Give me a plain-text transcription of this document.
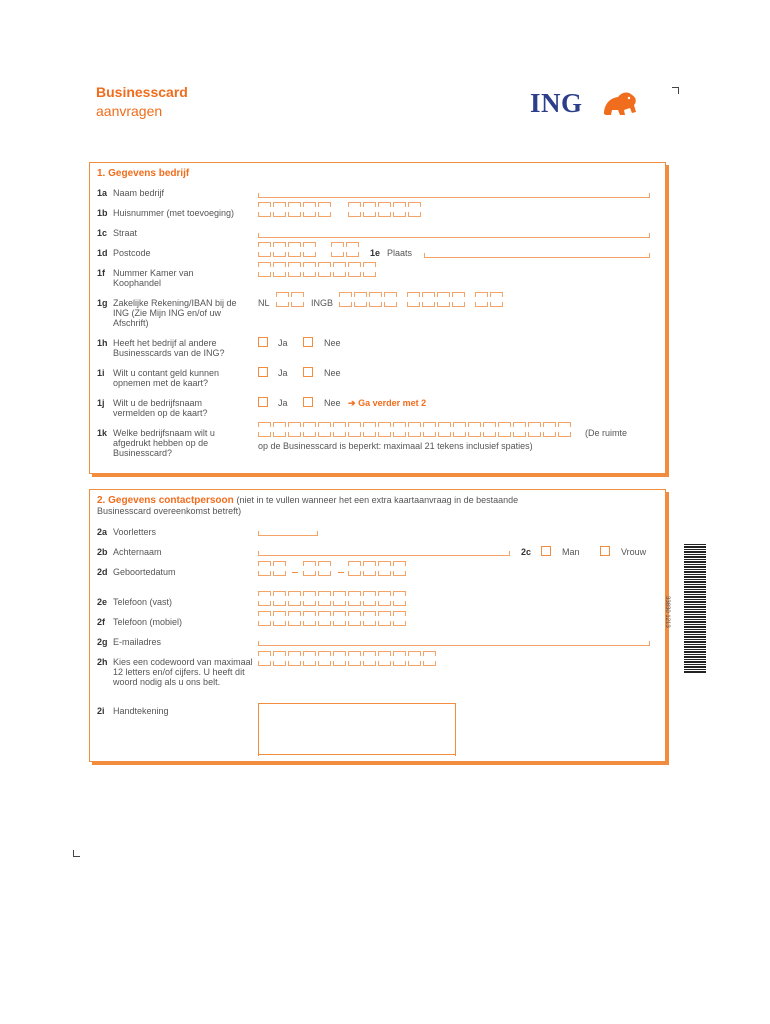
Businesscard
aanvragen	ING
1. Gegevens bedrijf
1a Naam bedrijf
1b Huisnummer (met toevoeging)
1c Straat
1d Postcode	1e Plaats
1f Nummer Kamer van Koophandel
1g Zakelijke Rekening/IBAN bij de ING (Zie Mijn ING en/of uw Afschrift)
NL	INGB
1h Heeft het bedrijf al andere Businesscards van de ING?
Ja	Nee
1i Wilt u contant geld kunnen opnemen met de kaart?
Ja	Nee
1j Wilt u de bedrijfsnaam vermelden op de kaart?
Ja	Nee ➔ Ga verder met 2
1k Welke bedrijfsnaam wilt u afgedrukt hebben op de Businesscard?
(De ruimte
op de Businesscard is beperkt: maximaal 21 tekens inclusief spaties)
2. Gegevens contactpersoon (niet in te vullen wanneer het een extra kaartaanvraag in de bestaande
Businesscard overeenkomst betreft)
2a Voorletters
2b Achternaam	2c	Man	Vrouw
2d Geboortedatum
2e Telefoon (vast)
2f Telefoon (mobiel)
2g E-mailadres
2h Kies een codewoord van maximaal 12 letters en/of cijfers. U heeft dit woord nodig als u ons belt.
2i Handtekening
33830 1213
